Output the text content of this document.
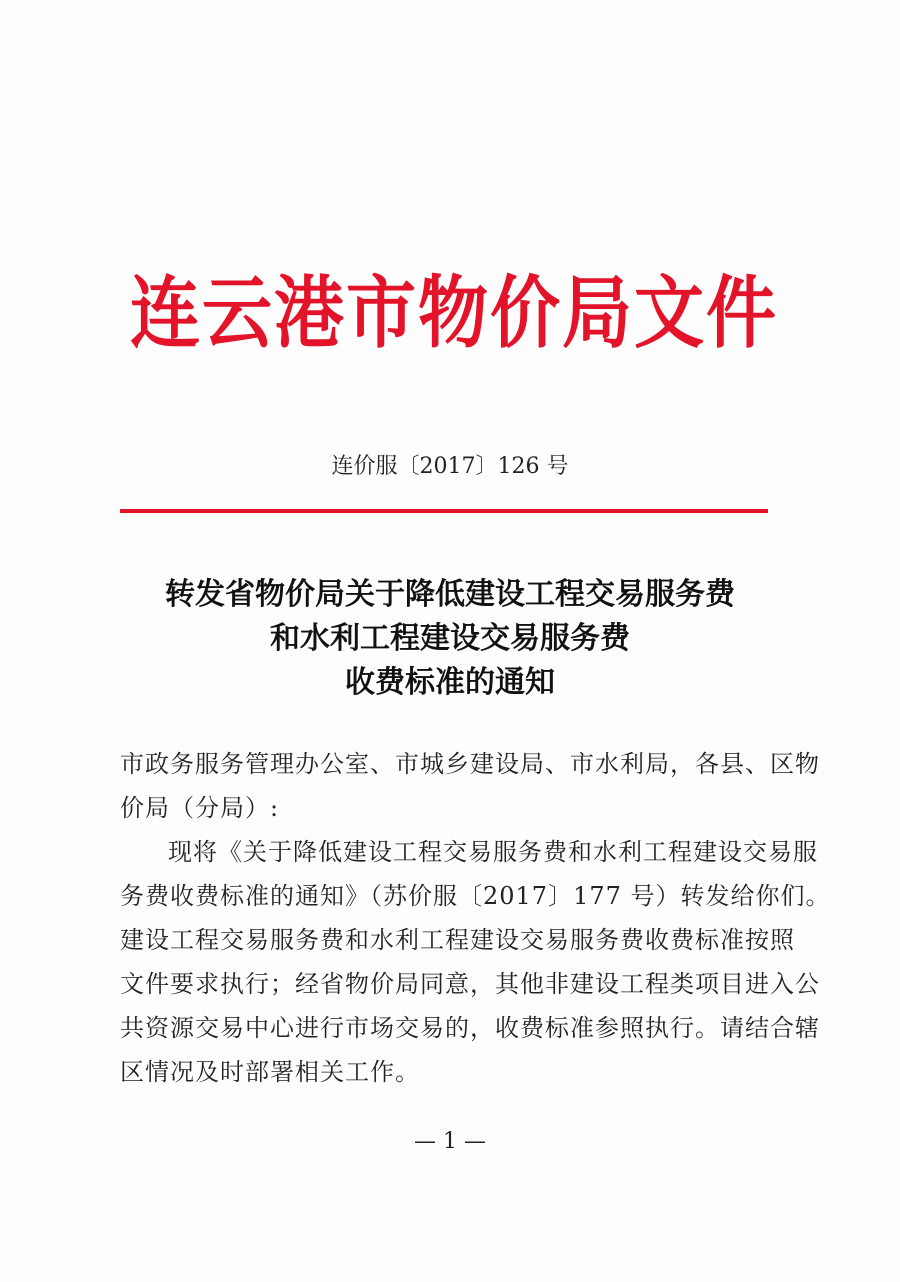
连云港市物价局文件
连价服〔2017〕126 号
转发省物价局关于降低建设工程交易服务费
和水利工程建设交易服务费
收费标准的通知
市政务服务管理办公室、市城乡建设局、市水利局，各县、区物
价局（分局）:
现将《关于降低建设工程交易服务费和水利工程建设交易服
务费收费标准的通知》（苏价服〔2017〕177 号）转发给你们。
建设工程交易服务费和水利工程建设交易服务费收费标准按照
文件要求执行；经省物价局同意，其他非建设工程类项目进入公
共资源交易中心进行市场交易的，收费标准参照执行。请结合辖
区情况及时部署相关工作。
— 1 —
